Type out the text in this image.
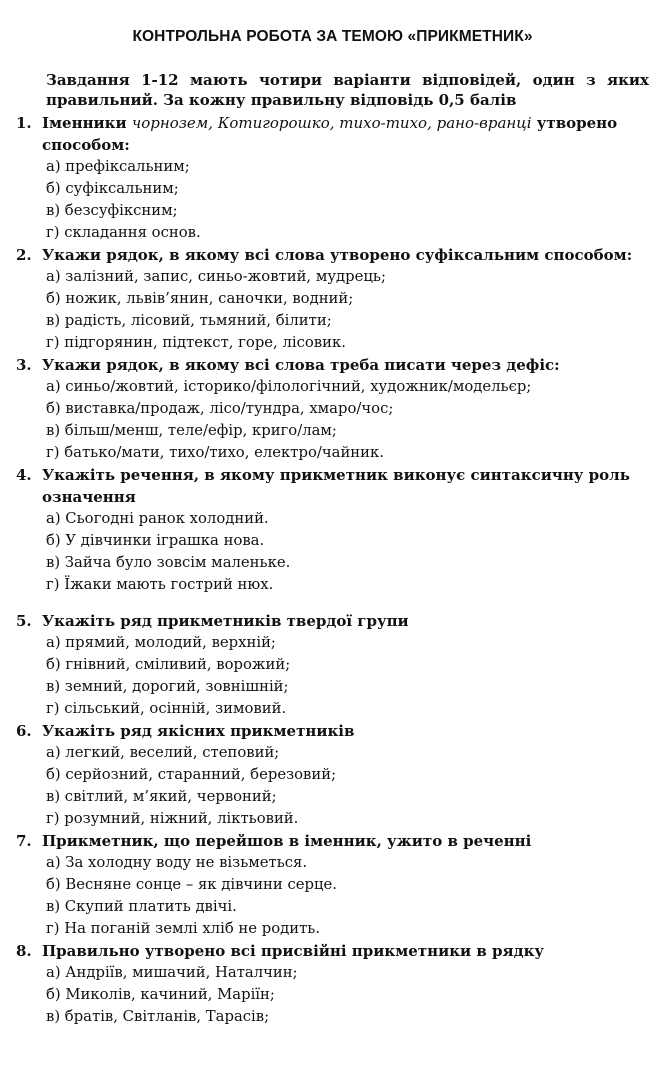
КОНТРОЛЬНА РОБОТА ЗА ТЕМОЮ «ПРИКМЕТНИК»
Завдання 1-12 мають чотири варіанти відповідей, один з яких правильний. За кожну правильну відповідь 0,5 балів
1. Іменники чорнозем, Котигорошко, тихо-тихо, рано-вранці утворено способом:
а) префіксальним;
б) суфіксальним;
в) безсуфіксним;
г) складання основ.
2. Укажи рядок, в якому всі слова утворено суфіксальним способом:
а) залізний, запис, синьо-жовтий, мудрець;
б) ножик, львів’янин, саночки, водний;
в) радість, лісовий, тьмяний, білити;
г) підгорянин, підтекст, горе, лісовик.
3. Укажи рядок, в якому всі слова треба писати через дефіс:
а) синьо/жовтий, історико/філологічний, художник/модельєр;
б) виставка/продаж, лісо/тундра, хмаро/чос;
в) більш/менш, теле/ефір, криго/лам;
г) батько/мати, тихо/тихо, електро/чайник.
4. Укажіть речення, в якому прикметник виконує синтаксичну роль означення
а) Сьогодні ранок холодний.
б) У дівчинки іграшка нова.
в) Зайча було зовсім маленьке.
г) Їжаки мають гострий нюх.
5. Укажіть ряд прикметників твердої групи
а) прямий, молодий, верхній;
б) гнівний, сміливий, ворожий;
в) земний, дорогий, зовнішній;
г) сільський, осінній, зимовий.
6. Укажіть ряд якісних прикметників
а) легкий, веселий, степовий;
б) серйозний, старанний, березовий;
в) світлий, м’який, червоний;
г) розумний, ніжний, ліктьовий.
7. Прикметник, що перейшов в іменник, ужито в реченні
а) За холодну воду не візьметься.
б) Весняне сонце – як дівчини серце.
в) Скупий платить двічі.
г) На поганій землі хліб не родить.
8. Правильно утворено всі присвійні прикметники в рядку
а) Андріїв, мишачий, Наталчин;
б) Миколів, качиний, Маріїн;
в) братів, Світланів, Тарасів;
